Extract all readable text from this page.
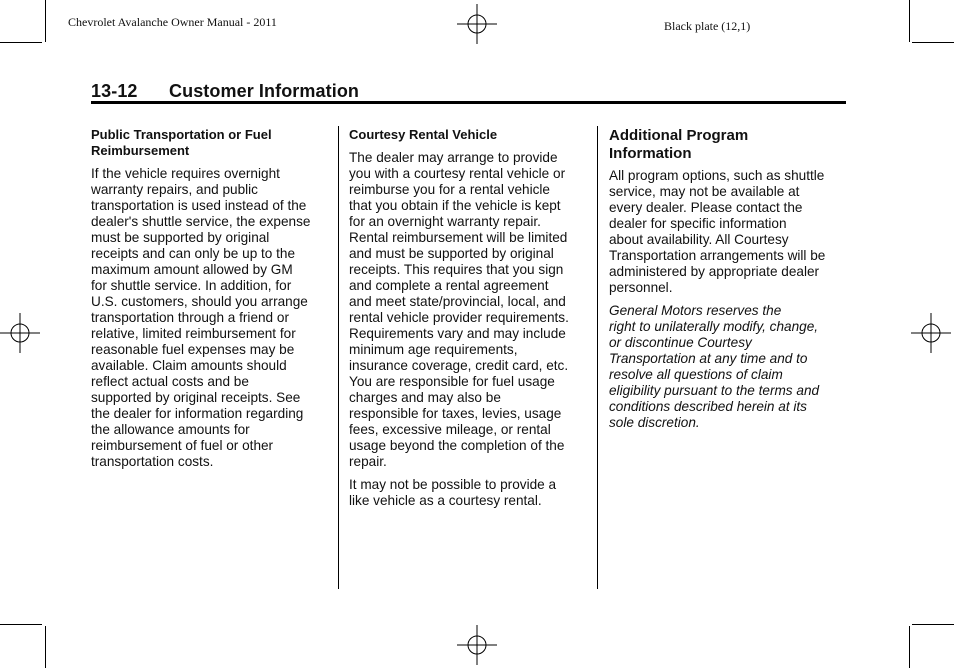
Chevrolet Avalanche Owner Manual - 2011	Black plate (12,1)
13-12 Customer Information
Public Transportation or Fuel
Reimbursement

If the vehicle requires overnight
warranty repairs, and public
transportation is used instead of the
dealer's shuttle service, the expense
must be supported by original
receipts and can only be up to the
maximum amount allowed by GM
for shuttle service. In addition, for
U.S. customers, should you arrange
transportation through a friend or
relative, limited reimbursement for
reasonable fuel expenses may be
available. Claim amounts should
reflect actual costs and be
supported by original receipts. See
the dealer for information regarding
the allowance amounts for
reimbursement of fuel or other
transportation costs.

Courtesy Rental Vehicle

The dealer may arrange to provide
you with a courtesy rental vehicle or
reimburse you for a rental vehicle
that you obtain if the vehicle is kept
for an overnight warranty repair.
Rental reimbursement will be limited
and must be supported by original
receipts. This requires that you sign
and complete a rental agreement
and meet state/provincial, local, and
rental vehicle provider requirements.
Requirements vary and may include
minimum age requirements,
insurance coverage, credit card, etc.
You are responsible for fuel usage
charges and may also be
responsible for taxes, levies, usage
fees, excessive mileage, or rental
usage beyond the completion of the
repair.

It may not be possible to provide a
like vehicle as a courtesy rental.

Additional Program
Information

All program options, such as shuttle
service, may not be available at
every dealer. Please contact the
dealer for specific information
about availability. All Courtesy
Transportation arrangements will be
administered by appropriate dealer
personnel.

General Motors reserves the
right to unilaterally modify, change,
or discontinue Courtesy
Transportation at any time and to
resolve all questions of claim
eligibility pursuant to the terms and
conditions described herein at its
sole discretion.
